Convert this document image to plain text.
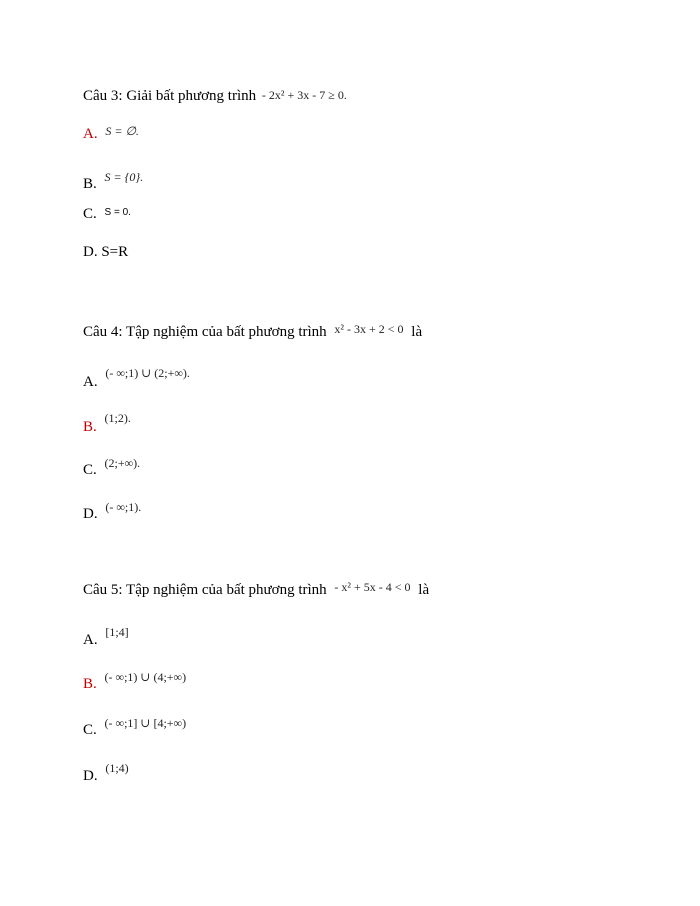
Câu 3: Giải bất phương trình - 2x² + 3x - 7 ≥ 0.
A. S = ∅.
B. S = {0}.
C. S = 0.
D. S=R
Câu 4: Tập nghiệm của bất phương trình x² - 3x + 2 < 0 là
A. (- ∞;1) ∪ (2;+∞).
B. (1;2).
C. (2;+∞).
D. (- ∞;1).
Câu 5: Tập nghiệm của bất phương trình - x² + 5x - 4 < 0 là
A. [1;4]
B. (- ∞;1) ∪ (4;+∞)
C. (- ∞;1] ∪ [4;+∞)
D. (1;4)
